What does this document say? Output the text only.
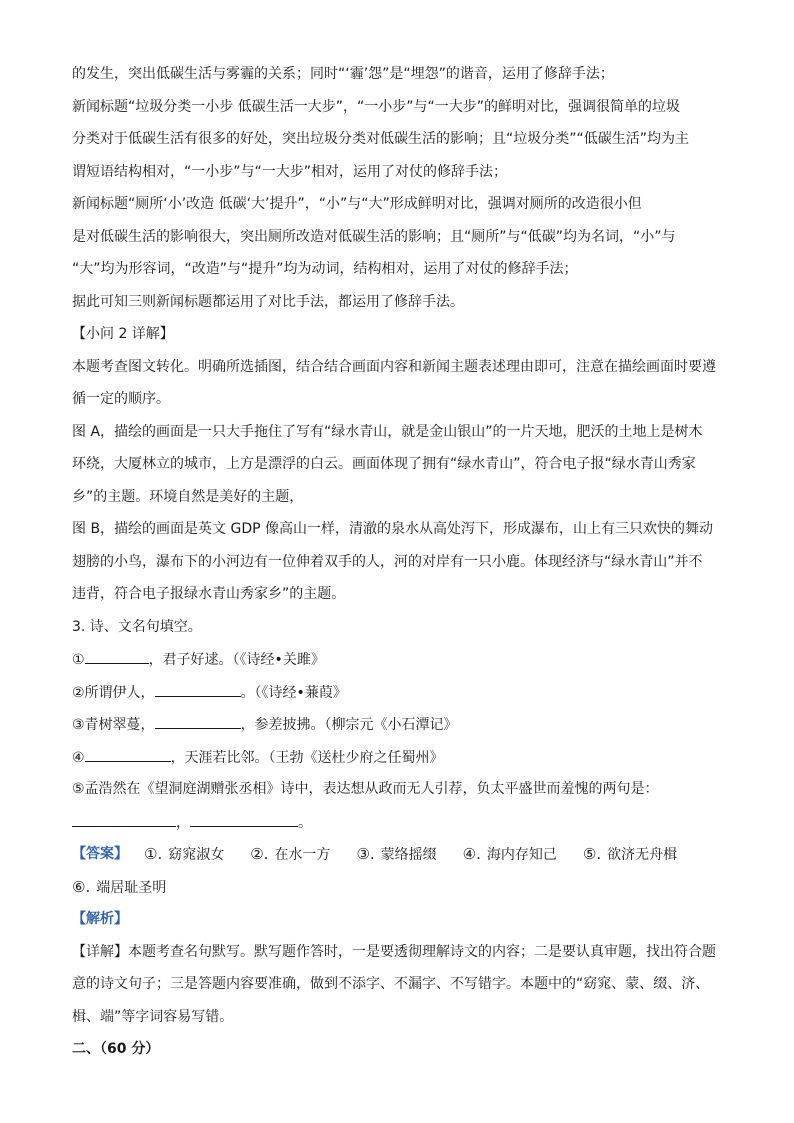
的发生，突出低碳生活与雾霾的关系；同时“‘霾’怨”是“埋怨”的谐音，运用了修辞手法；
新闻标题“垃圾分类一小步 低碳生活一大步”，“一小步”与“一大步”的鲜明对比，强调很简单的垃圾
分类对于低碳生活有很多的好处，突出垃圾分类对低碳生活的影响；且“垃圾分类”“低碳生活”均为主
谓短语结构相对，“一小步”与“一大步”相对，运用了对仗的修辞手法；
新闻标题“厕所‘小’改造 低碳‘大’提升”，“小”与“大”形成鲜明对比，强调对厕所的改造很小但
是对低碳生活的影响很大，突出厕所改造对低碳生活的影响；且“厕所”与“低碳”均为名词，“小”与
“大”均为形容词，“改造”与“提升”均为动词，结构相对，运用了对仗的修辞手法；
据此可知三则新闻标题都运用了对比手法，都运用了修辞手法。
【小问 2 详解】
本题考查图文转化。明确所选插图，结合结合画面内容和新闻主题表述理由即可，注意在描绘画面时要遵
循一定的顺序。
图 A，描绘的画面是一只大手拖住了写有“绿水青山，就是金山银山”的一片天地，肥沃的土地上是树木
环绕，大厦林立的城市，上方是漂浮的白云。画面体现了拥有“绿水青山”，符合电子报“绿水青山秀家
乡”的主题。环境自然是美好的主题，
图 B，描绘的画面是英文 GDP 像高山一样，清澈的泉水从高处泻下，形成瀑布，山上有三只欢快的舞动
翅膀的小鸟，瀑布下的小河边有一位伸着双手的人，河的对岸有一只小鹿。体现经济与“绿水青山”并不
违背，符合电子报绿水青山秀家乡”的主题。
3. 诗、文名句填空。
①	，君子好逑。（《诗经•关雎》
②所谓伊人，	。（《诗经•蒹葭》
③青树翠蔓，	，参差披拂。（柳宗元《小石潭记》
④	，天涯若比邻。（王勃《送杜少府之任蜀州》
⑤孟浩然在《望洞庭湖赠张丞相》诗中，表达想从政而无人引荐，负太平盛世而羞愧的两句是：
，	。
【答案】	①. 窈窕淑女 ②. 在水一方 ③. 蒙络摇缀 ④. 海内存知己 ⑤. 欲济无舟楫
⑥. 端居耻圣明
【解析】
【详解】本题考查名句默写。默写题作答时，一是要透彻理解诗文的内容；二是要认真审题，找出符合题
意的诗文句子；三是答题内容要准确，做到不添字、不漏字、不写错字。本题中的“窈窕、蒙、缀、济、
楫、端”等字词容易写错。
二、（60 分）
